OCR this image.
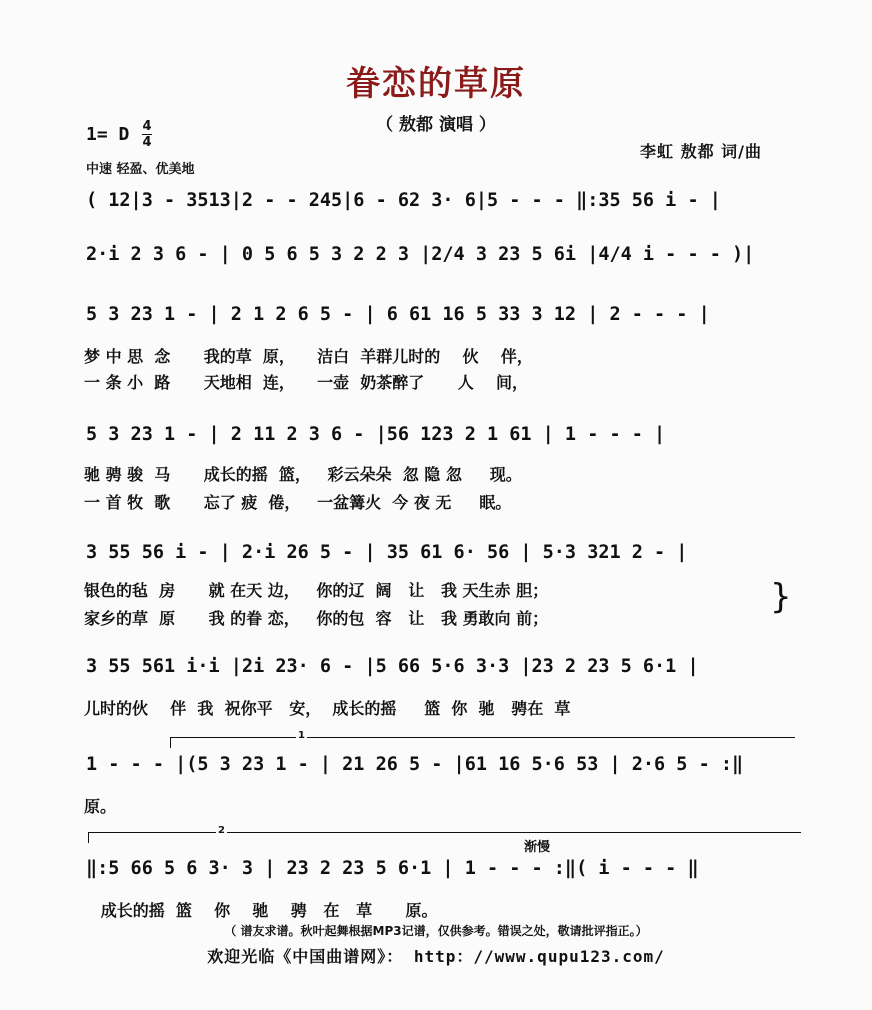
眷恋的草原
（ 敖都 演唱 ）
1= D 4
4
中速 轻盈、优美地
李虹 敖都 词/曲
( 12|3 - 3513|2 - - 245|6 - 62 3· 6|5 - - - ‖:35 56 i - |
2·i 2 3 6 - | 0 5 6 5 3 2 2 3 |2/4 3 23 5 6i |4/4 i - - - )|
5 3 23 1 - | 2 1 2 6 5 - | 6 61 16 5 33 3 12 | 2 - - - |
梦 中 思  念      我的草  原，    洁白  羊群儿时的    伙    伴，
一 条 小  路      天地相  连，    一壶  奶茶醉了      人    间，
5 3 23 1 - | 2 11 2 3 6 - |56 123 2 1 61 | 1 - - - |
驰 骋 骏  马      成长的摇  篮，   彩云朵朵  忽 隐 忽     现。
一 首 牧  歌      忘了 疲  倦，   一盆篝火  今 夜 无     眠。
3 55 56 i - | 2·i 26 5 - | 35 61 6· 56 | 5·3 321 2 - |
银色的毡  房      就 在天 边，   你的辽  阔   让   我 天生赤 胆；
家乡的草  原      我 的眷 恋，   你的包  容   让   我 勇敢向 前；
}
3 55 561 i·i |2i 23· 6 - |5 66 5·6 3·3 |23 2 23 5 6·1 |
儿时的伙    伴  我  祝你平   安，  成长的摇     篮  你  驰   骋在  草
1
1 - - - |(5 3 23 1 - | 21 26 5 - |61 16 5·6 53 | 2·6 5 - :‖
原。
2
渐慢
‖:5 66 5 6 3· 3 | 23 2 23 5 6·1 | 1 - - - :‖( i - - - ‖
成长的摇  篮    你    驰    骋   在   草      原。
（ 谱友求谱。秋叶起舞根据MP3记谱，仅供参考。错误之处，敬请批评指正。）
欢迎光临《中国曲谱网》： http：//www.qupu123.com/
